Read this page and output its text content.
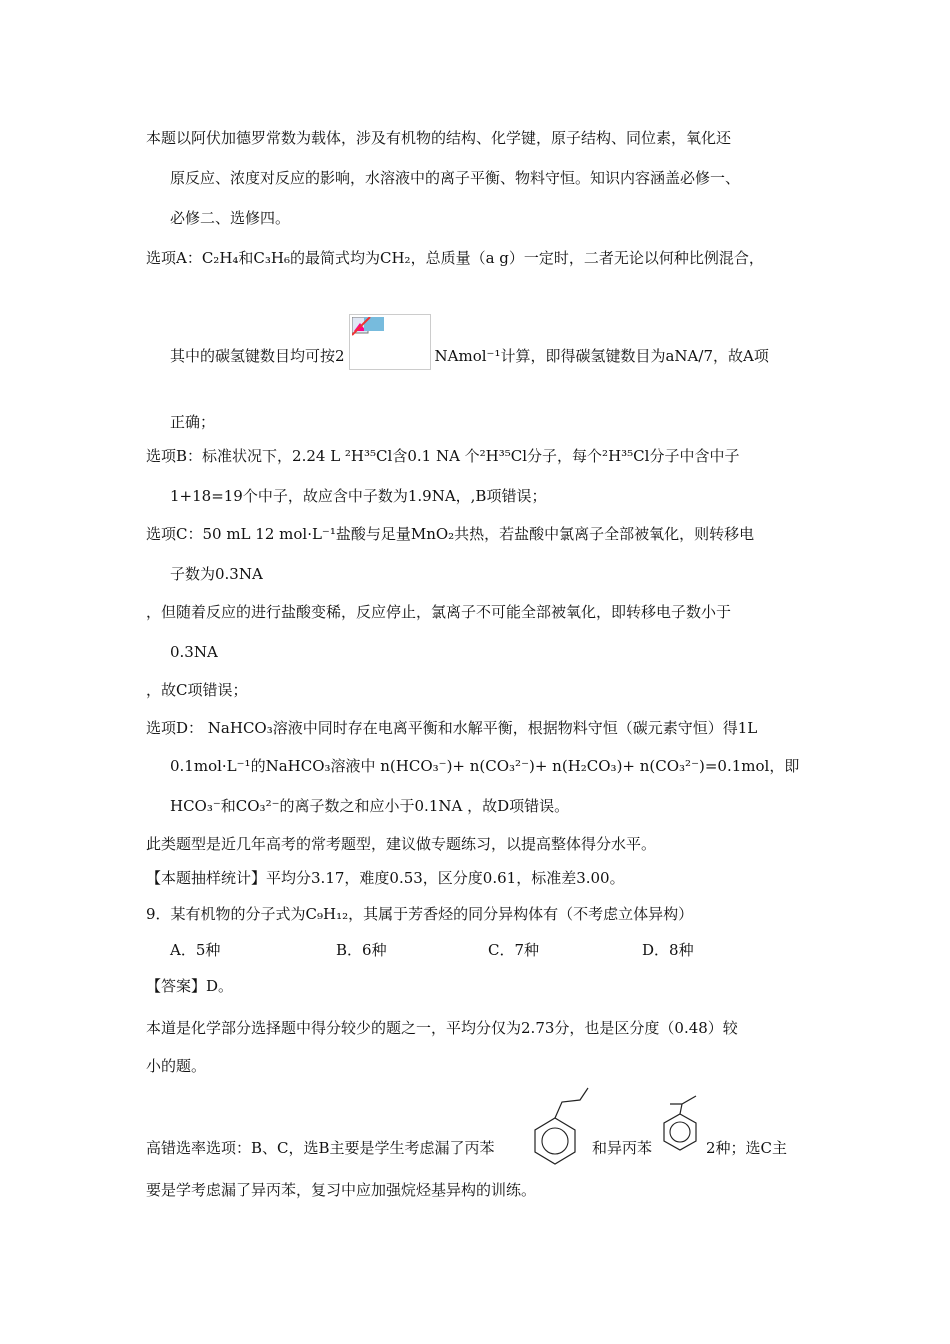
本题以阿伏加德罗常数为载体，涉及有机物的结构、化学键，原子结构、同位素，氧化还
原反应、浓度对反应的影响，水溶液中的离子平衡、物料守恒。知识内容涵盖必修一、
必修二、选修四。
选项A：C₂H₄和C₃H₆的最简式均为CH₂，总质量（a g）一定时，二者无论以何种比例混合，
其中的碳氢键数目均可按2	NAmol⁻¹计算，即得碳氢键数目为aNA/7，故A项
正确；
选项B：标准状况下，2.24 L ²H³⁵Cl含0.1 NA 个²H³⁵Cl分子，每个²H³⁵Cl分子中含中子
1+18=19个中子，故应含中子数为1.9NA，,B项错误；
选项C：50 mL 12 mol·L⁻¹盐酸与足量MnO₂共热，若盐酸中氯离子全部被氧化，则转移电
子数为0.3NA
，但随着反应的进行盐酸变稀，反应停止，氯离子不可能全部被氧化，即转移电子数小于
0.3NA
，故C项错误；
选项D： NaHCO₃溶液中同时存在电离平衡和水解平衡，根据物料守恒（碳元素守恒）得1L
0.1mol·L⁻¹的NaHCO₃溶液中 n(HCO₃⁻)+ n(CO₃²⁻)+ n(H₂CO₃)+ n(CO₃²⁻)=0.1mol，即
HCO₃⁻和CO₃²⁻的离子数之和应小于0.1NA ，故D项错误。
此类题型是近几年高考的常考题型，建议做专题练习，以提高整体得分水平。
【本题抽样统计】平均分3.17，难度0.53，区分度0.61，标准差3.00。
9．某有机物的分子式为C₉H₁₂，其属于芳香烃的同分异构体有（不考虑立体异构）
A．5种	B．6种	C．7种	D．8种
【答案】D。
本道是化学部分选择题中得分较少的题之一，平均分仅为2.73分，也是区分度（0.48）较
小的题。
高错选率选项：B、C，选B主要是学生考虑漏了丙苯	和异丙苯	2种；选C主
要是学考虑漏了异丙苯，复习中应加强烷烃基异构的训练。
